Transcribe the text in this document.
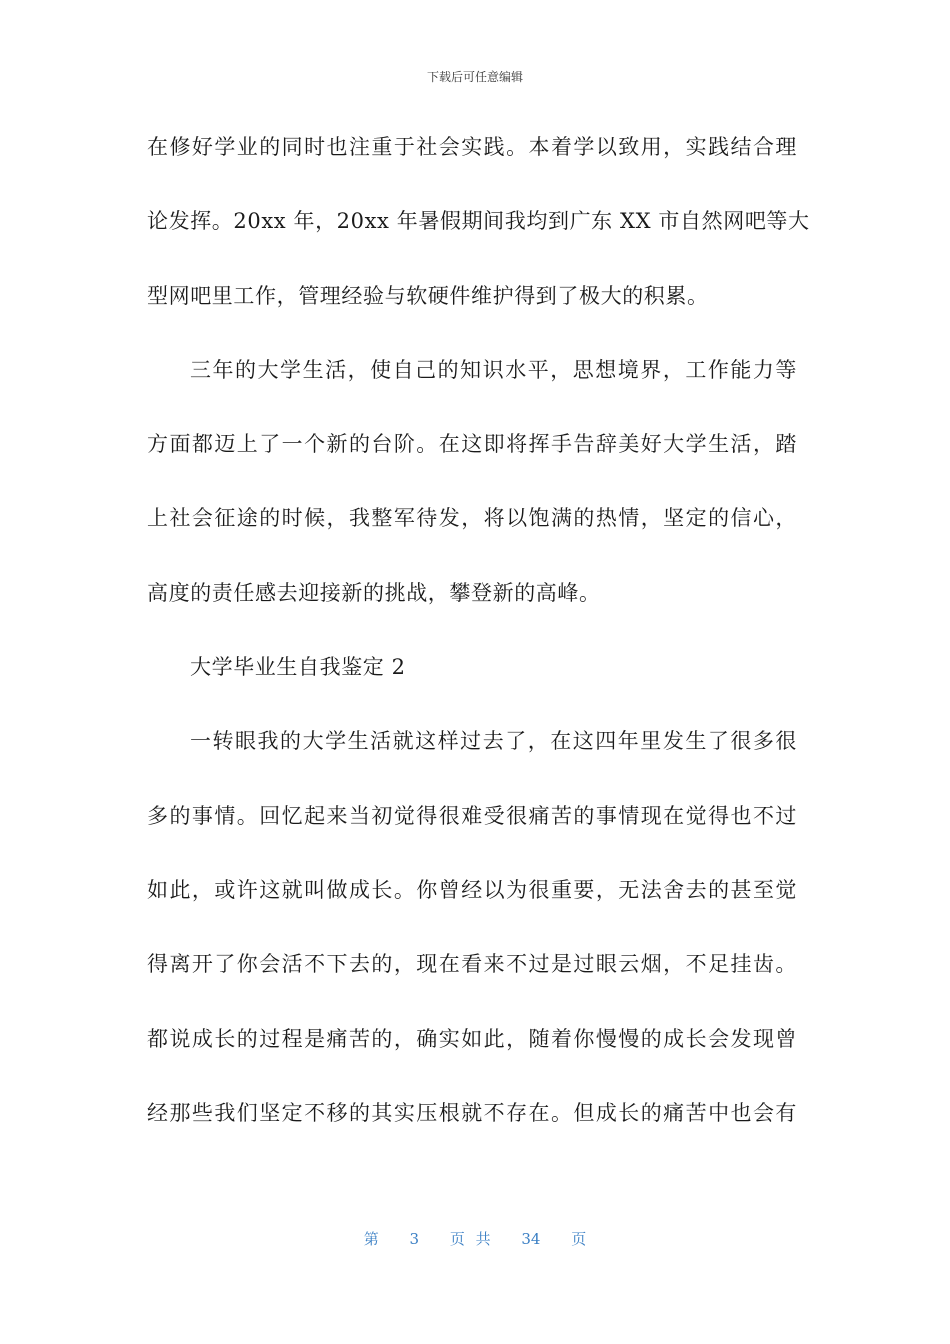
下载后可任意编辑
在修好学业的同时也注重于社会实践。本着学以致用，实践结合理
论发挥。20xx 年，20xx 年暑假期间我均到广东 XX 市自然网吧等大
型网吧里工作，管理经验与软硬件维护得到了极大的积累。
三年的大学生活，使自己的知识水平，思想境界，工作能力等
方面都迈上了一个新的台阶。在这即将挥手告辞美好大学生活，踏
上社会征途的时候，我整军待发，将以饱满的热情，坚定的信心，
高度的责任感去迎接新的挑战，攀登新的高峰。
大学毕业生自我鉴定 2
一转眼我的大学生活就这样过去了，在这四年里发生了很多很
多的事情。回忆起来当初觉得很难受很痛苦的事情现在觉得也不过
如此，或许这就叫做成长。你曾经以为很重要，无法舍去的甚至觉
得离开了你会活不下去的，现在看来不过是过眼云烟，不足挂齿。
都说成长的过程是痛苦的，确实如此，随着你慢慢的成长会发现曾
经那些我们坚定不移的其实压根就不存在。但成长的痛苦中也会有
第 3 页 共 34 页
